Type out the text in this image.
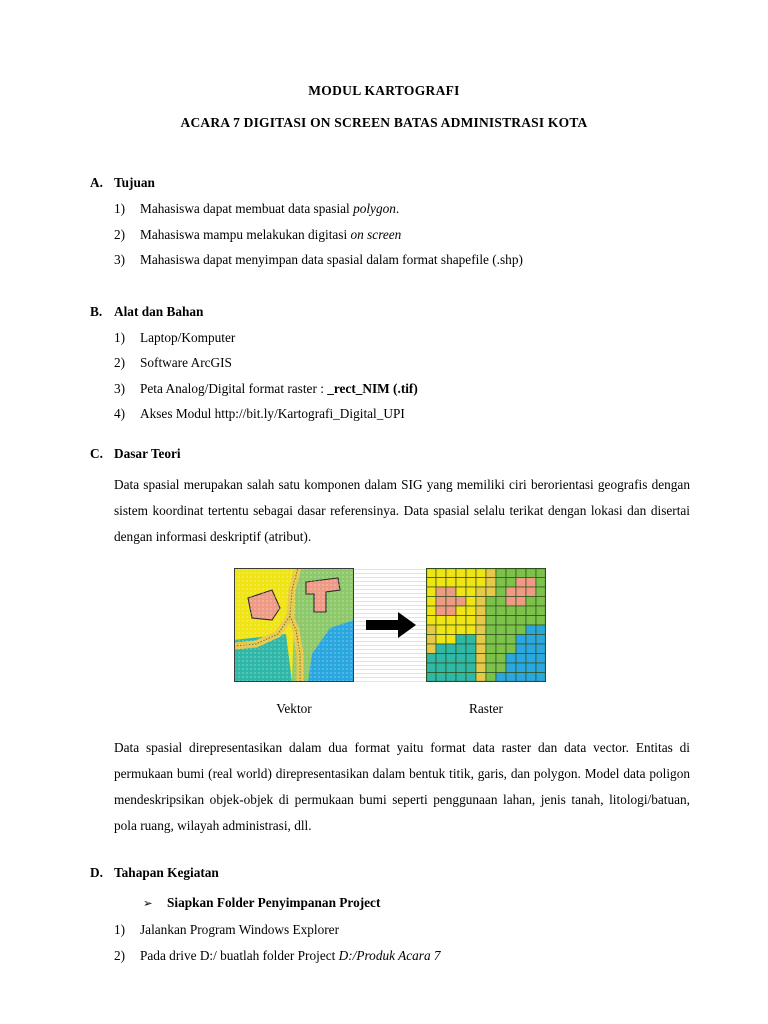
MODUL KARTOGRAFI
ACARA 7 DIGITASI ON SCREEN BATAS ADMINISTRASI KOTA
A. Tujuan
1)	Mahasiswa dapat membuat data spasial polygon.
2)	Mahasiswa mampu melakukan digitasi on screen
3)	Mahasiswa dapat menyimpan data spasial dalam format shapefile (.shp)
B. Alat dan Bahan
1)	Laptop/Komputer
2)	Software ArcGIS
3)	Peta Analog/Digital format raster : _rect_NIM (.tif)
4)	Akses Modul http://bit.ly/Kartografi_Digital_UPI
C. Dasar Teori
Data spasial merupakan salah satu komponen dalam SIG yang memiliki ciri berorientasi geografis dengan sistem koordinat tertentu sebagai dasar referensinya. Data spasial selalu terikat dengan lokasi dan disertai dengan informasi deskriptif (atribut).
Vektor	Raster
Data spasial direpresentasikan dalam dua format yaitu format data raster dan data vector. Entitas di permukaan bumi (real world) direpresentasikan dalam bentuk titik, garis, dan polygon. Model data poligon mendeskripsikan objek-objek di permukaan bumi seperti penggunaan lahan, jenis tanah, litologi/batuan, pola ruang, wilayah administrasi, dll.
D. Tahapan Kegiatan
➢	Siapkan Folder Penyimpanan Project
1)	Jalankan Program Windows Explorer
2)	Pada drive D:/ buatlah folder Project D:/Produk Acara 7
